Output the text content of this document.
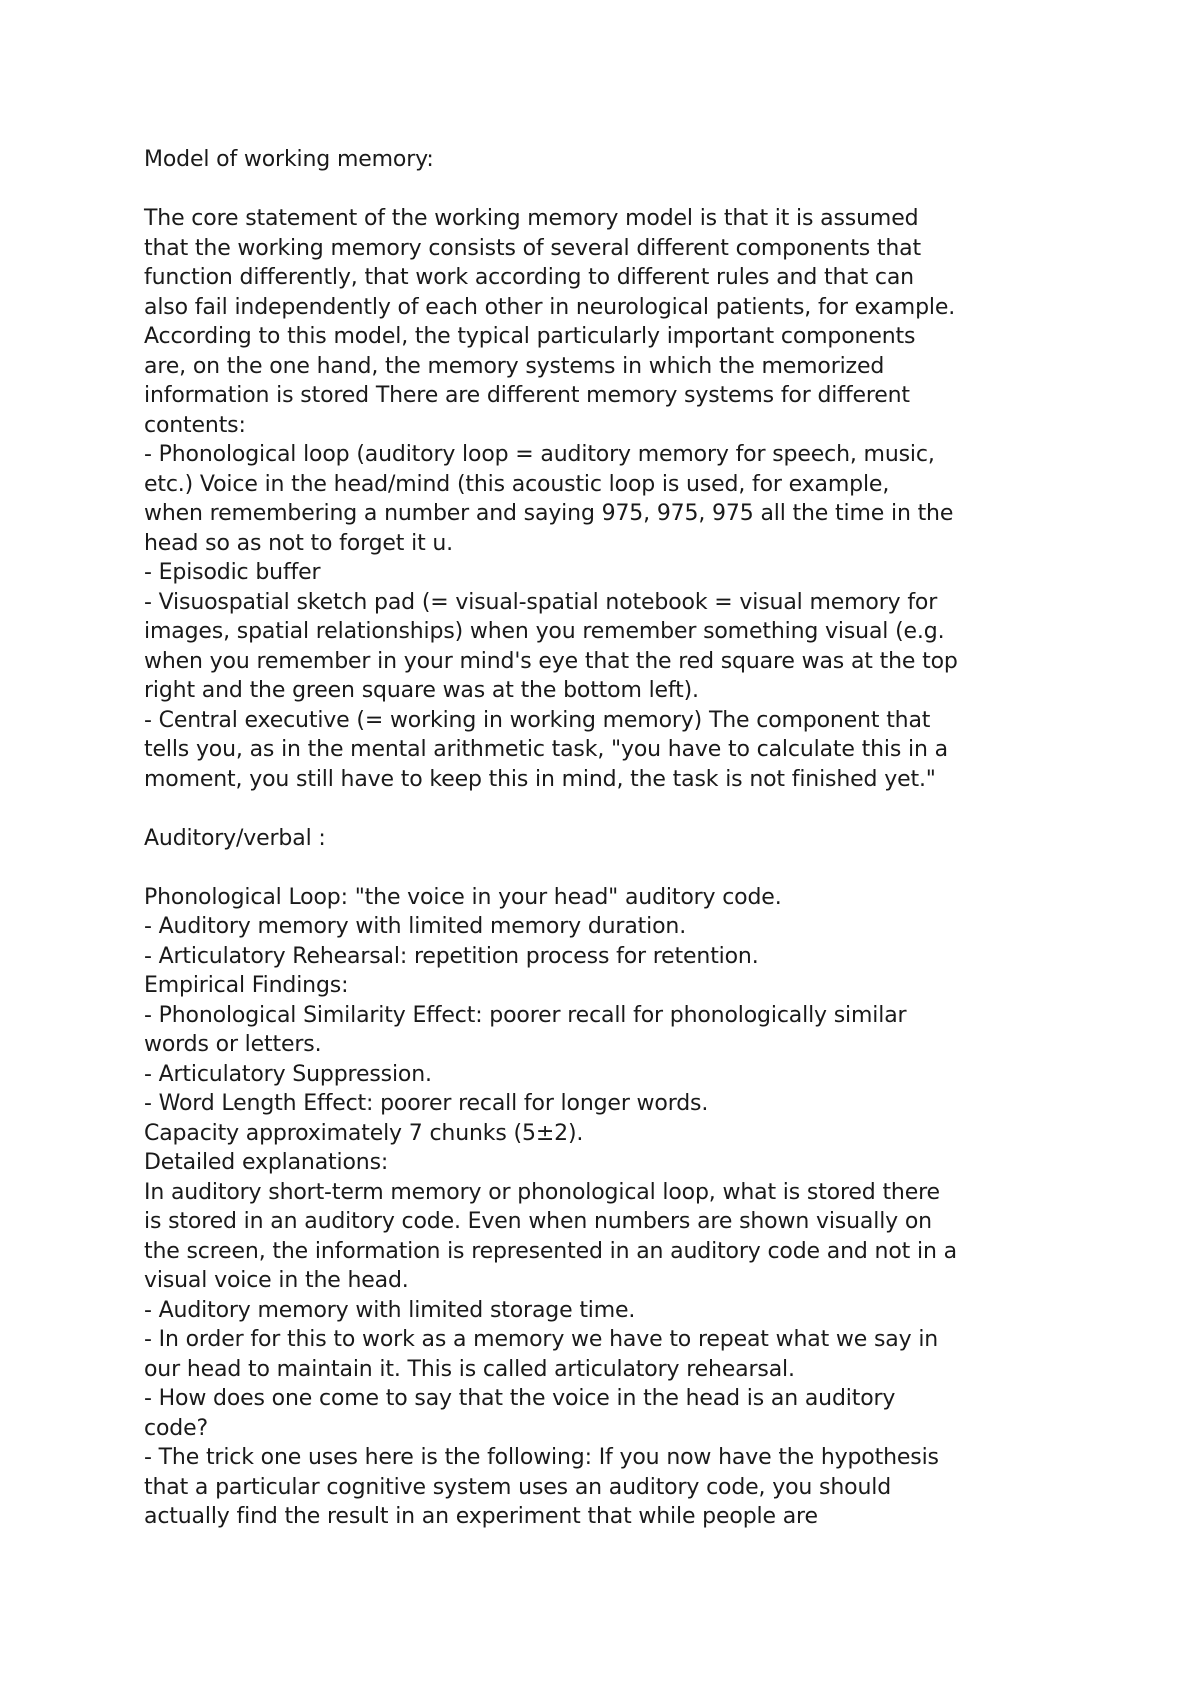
Model of working memory:
The core statement of the working memory model is that it is assumed
that the working memory consists of several different components that
function differently, that work according to different rules and that can
also fail independently of each other in neurological patients, for example.
According to this model, the typical particularly important components
are, on the one hand, the memory systems in which the memorized
information is stored There are different memory systems for different
contents:
- Phonological loop (auditory loop = auditory memory for speech, music,
etc.) Voice in the head/mind (this acoustic loop is used, for example,
when remembering a number and saying 975, 975, 975 all the time in the
head so as not to forget it u.
- Episodic buffer
- Visuospatial sketch pad (= visual-spatial notebook = visual memory for
images, spatial relationships) when you remember something visual (e.g.
when you remember in your mind's eye that the red square was at the top
right and the green square was at the bottom left).
- Central executive (= working in working memory) The component that
tells you, as in the mental arithmetic task, "you have to calculate this in a
moment, you still have to keep this in mind, the task is not finished yet."
Auditory/verbal :
Phonological Loop: "the voice in your head" auditory code.
- Auditory memory with limited memory duration.
- Articulatory Rehearsal: repetition process for retention.
Empirical Findings:
- Phonological Similarity Effect: poorer recall for phonologically similar
words or letters.
- Articulatory Suppression.
- Word Length Effect: poorer recall for longer words.
Capacity approximately 7 chunks (5±2).
Detailed explanations:
In auditory short-term memory or phonological loop, what is stored there
is stored in an auditory code. Even when numbers are shown visually on
the screen, the information is represented in an auditory code and not in a
visual voice in the head.
- Auditory memory with limited storage time.
- In order for this to work as a memory we have to repeat what we say in
our head to maintain it. This is called articulatory rehearsal.
- How does one come to say that the voice in the head is an auditory
code?
- The trick one uses here is the following: If you now have the hypothesis
that a particular cognitive system uses an auditory code, you should
actually find the result in an experiment that while people are
